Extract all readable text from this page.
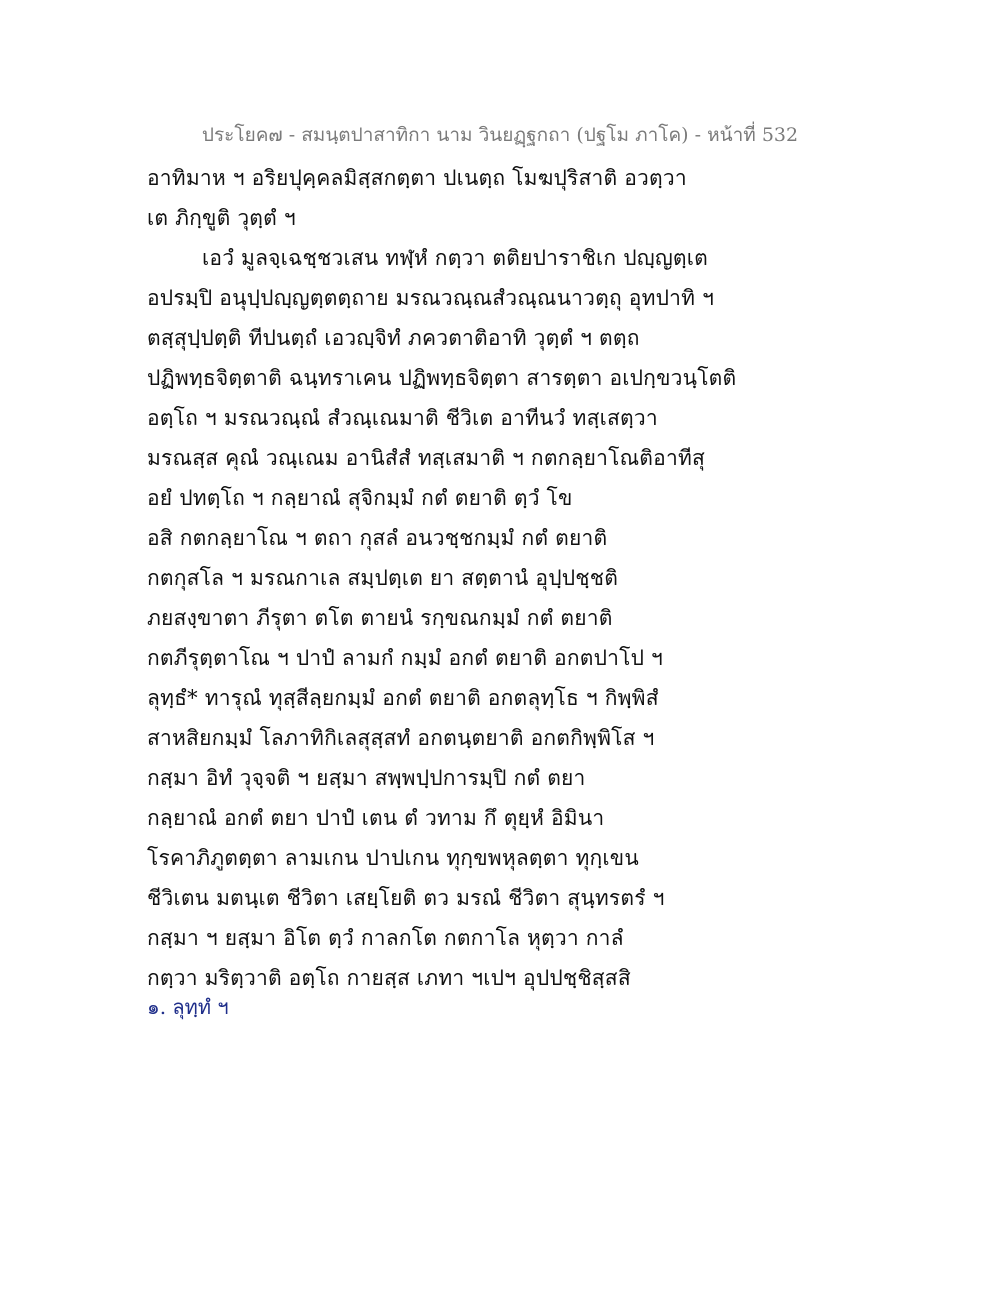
ประโยค๗ - สมนฺตปาสาทิกา นาม วินยฏฺฐกถา (ปฐโม ภาโค) - หน้าที่ 532
อาทิมาห ฯ อริยปุคฺคลมิสฺสกตฺตา ปเนตฺถ โมฆปุริสาติ อวตฺวา
เต ภิกฺขูติ วุตฺตํ ฯ
เอวํ มูลจฺเฉชฺชวเสน ทฬฺหํ กตฺวา ตติยปาราชิเก ปญฺญตฺเต
อปรมฺปิ อนุปฺปญฺญตฺตตฺถาย มรณวณฺณสํวณฺณนาวตฺถุ อุทปาทิ ฯ
ตสฺสุปฺปตฺติ ทีปนตฺถํ เอวญฺจิทํ ภควตาติอาทิ วุตฺตํ ฯ ตตฺถ
ปฏิพทฺธจิตฺตาติ ฉนฺทราเคน ปฏิพทฺธจิตฺตา สารตฺตา อเปกฺขวนฺโตติ
อตฺโถ ฯ มรณวณฺณํ สํวณฺเณมาติ ชีวิเต อาทีนวํ ทสฺเสตฺวา
มรณสฺส คุณํ วณฺเณม อานิสํสํ ทสฺเสมาติ ฯ กตกลฺยาโณติอาทีสุ
อยํ ปทตฺโถ ฯ กลฺยาณํ สุจิกมฺมํ กตํ ตยาติ ตฺวํ โข
อสิ กตกลฺยาโณ ฯ ตถา กุสลํ อนวชฺชกมฺมํ กตํ ตยาติ
กตกุสโล ฯ มรณกาเล สมฺปตฺเต ยา สตฺตานํ อุปฺปชฺชติ
ภยสงฺขาตา ภีรุตา ตโต ตายนํ รกฺขณกมฺมํ กตํ ตยาติ
กตภีรุตฺตาโณ ฯ ปาปํ ลามกํ กมฺมํ อกตํ ตยาติ อกตปาโป ฯ
ลุทฺธํ* ทารุณํ ทุสฺสีลฺยกมฺมํ อกตํ ตยาติ อกตลุทฺโธ ฯ กิพฺพิสํ
สาหสิยกมฺมํ โลภาทิกิเลสุสฺสทํ อกตนฺตยาติ อกตกิพฺพิโส ฯ
กสฺมา อิทํ วุจฺจติ ฯ ยสฺมา สพฺพปฺปการมฺปิ กตํ ตยา
กลฺยาณํ อกตํ ตยา ปาปํ เตน ตํ วทาม กึ ตุยฺหํ อิมินา
โรคาภิภูตตฺตา ลามเกน ปาปเกน ทุกฺขพหุลตฺตา ทุกฺเขน
ชีวิเตน มตนฺเต ชีวิตา เสยฺโยติ ตว มรณํ ชีวิตา สุนฺทรตรํ ฯ
กสฺมา ฯ ยสฺมา อิโต ตฺวํ กาลกโต กตกาโล หุตฺวา กาลํ
กตฺวา มริตฺวาติ อตฺโถ กายสฺส เภทา ฯเปฯ อุปปชฺชิสฺสสิ
๑. ลุทฺทํ ฯ
